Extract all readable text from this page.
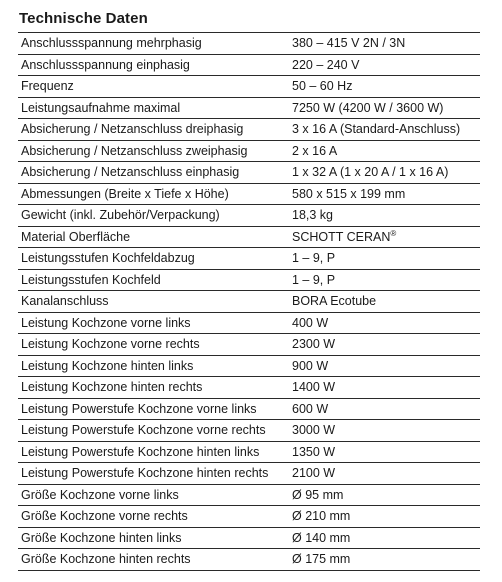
Technische Daten
Anschlussspannung mehrphasig	380 – 415 V 2N / 3N
Anschlussspannung einphasig	220 – 240 V
Frequenz	50 – 60 Hz
Leistungsaufnahme maximal	7250 W (4200 W / 3600 W)
Absicherung / Netzanschluss dreiphasig	3 x 16 A (Standard-Anschluss)
Absicherung / Netzanschluss zweiphasig	2 x 16 A
Absicherung / Netzanschluss einphasig	1 x 32 A (1 x 20 A / 1 x 16 A)
Abmessungen (Breite x Tiefe x Höhe)	580 x 515 x 199 mm
Gewicht (inkl. Zubehör/Verpackung)	18,3 kg
Material Oberfläche	SCHOTT CERAN®
Leistungsstufen Kochfeldabzug	1 – 9, P
Leistungsstufen Kochfeld	1 – 9, P
Kanalanschluss	BORA Ecotube
Leistung Kochzone vorne links	400 W
Leistung Kochzone vorne rechts	2300 W
Leistung Kochzone hinten links	900 W
Leistung Kochzone hinten rechts	1400 W
Leistung Powerstufe Kochzone vorne links	600 W
Leistung Powerstufe Kochzone vorne rechts	3000 W
Leistung Powerstufe Kochzone hinten links	1350 W
Leistung Powerstufe Kochzone hinten rechts	2100 W
Größe Kochzone vorne links	Ø 95 mm
Größe Kochzone vorne rechts	Ø 210 mm
Größe Kochzone hinten links	Ø 140 mm
Größe Kochzone hinten rechts	Ø 175 mm
